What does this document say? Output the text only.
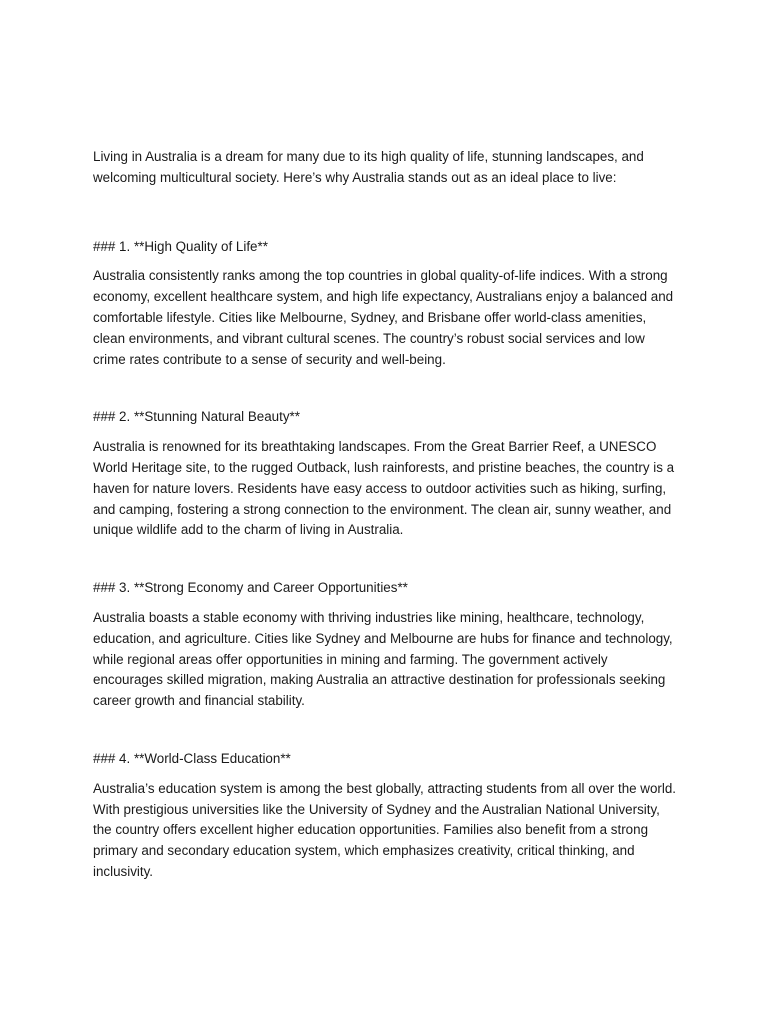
Living in Australia is a dream for many due to its high quality of life, stunning landscapes, and welcoming multicultural society. Here’s why Australia stands out as an ideal place to live:

### 1. **High Quality of Life**

Australia consistently ranks among the top countries in global quality-of-life indices. With a strong economy, excellent healthcare system, and high life expectancy, Australians enjoy a balanced and comfortable lifestyle. Cities like Melbourne, Sydney, and Brisbane offer world-class amenities, clean environments, and vibrant cultural scenes. The country’s robust social services and low crime rates contribute to a sense of security and well-being.

### 2. **Stunning Natural Beauty**

Australia is renowned for its breathtaking landscapes. From the Great Barrier Reef, a UNESCO World Heritage site, to the rugged Outback, lush rainforests, and pristine beaches, the country is a haven for nature lovers. Residents have easy access to outdoor activities such as hiking, surfing, and camping, fostering a strong connection to the environment. The clean air, sunny weather, and unique wildlife add to the charm of living in Australia.

### 3. **Strong Economy and Career Opportunities**

Australia boasts a stable economy with thriving industries like mining, healthcare, technology, education, and agriculture. Cities like Sydney and Melbourne are hubs for finance and technology, while regional areas offer opportunities in mining and farming. The government actively encourages skilled migration, making Australia an attractive destination for professionals seeking career growth and financial stability.

### 4. **World-Class Education**

Australia’s education system is among the best globally, attracting students from all over the world. With prestigious universities like the University of Sydney and the Australian National University, the country offers excellent higher education opportunities. Families also benefit from a strong primary and secondary education system, which emphasizes creativity, critical thinking, and inclusivity.
